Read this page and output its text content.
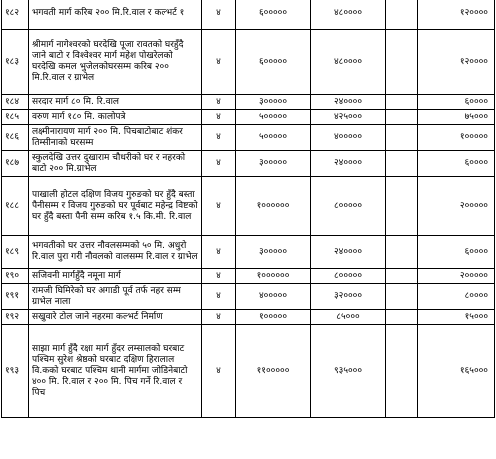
१८२	भगवती मार्ग करिब २०० मि.रि.वाल र कल्भर्ट १	४	६०००००	४८००००		१२००००
१८३	श्रीमार्ग नागेश्वरको घरदेखि पूजा रावतको घरहुँदै जाने बाटो र विश्वेश्वर मार्ग महेश पोखरेलको घरदेखि कमल भुजेलकोघरसम्म करिब २०० मि.रि.वाल र ग्राभेल	४	६०००००	४८००००		१२००००
१८४	सरदार मार्ग ८० मि. रि.वाल	४	३०००००	२४००००		६००००
१८५	वरुण मार्ग १८० मि. कालोपत्रे	४	५०००००	४२५०००		७५०००
१८६	लक्ष्मीनारायण मार्ग २०० मि. पिचबाटोबाट शंकर तिम्सीनाको घरसम्म	४	५०००००	४०००००		१०००००
१८७	स्कुलदेखि उत्तर दुखाराम चौधरीको घर र नहरको बाटो २०० मि.ग्राभेल	४	३०००००	२४००००		६००००
१८८	पाखाली होटल दक्षिण विजय गुरुङको घर हुँदै बस्ता पैनीसम्म र विजय गुरुङको घर पूर्वबाट महेन्द्र विष्टको घर हुँदै बस्ता पैनी सम्म करिब १.५ कि.मी. रि.वाल	४	१००००००	८०००००		२०००००
१८९	भगवतीको घर उत्तर नौवलसम्मको ५० मि. अधुरो रि.वाल पुरा गरी नौवलको वालसम्म रि.वाल र ग्राभेल	४	३०००००	२४००००		६००००
१९०	सजिवनी मार्गहुँदै नमूना मार्ग	४	१००००००	८०००००		२०००००
१९१	रामजी घिमिरेको घर अगाडी पूर्व तर्फ नहर सम्म ग्राभेल नाला	४	४०००००	३२००००		८००००
१९२	सखुवारे टोल जाने नहरमा कल्भर्ट निर्माण	४	१०००००	८५०००		१५०००
१९३	साझा मार्ग हुँदै रक्षा मार्ग हुँदर लम्सालको घरबाट पश्चिम सुरेश श्रेष्ठको घरबाट दक्षिण हिरालाल वि.कको घरबाट पश्चिम थानी मार्गमा जोडिनेबाटो ४०० मि. रि.वाल र २०० मि. पिच गर्ने रि.वाल र पिच	४	११०००००	९३५०००		१६५०००
